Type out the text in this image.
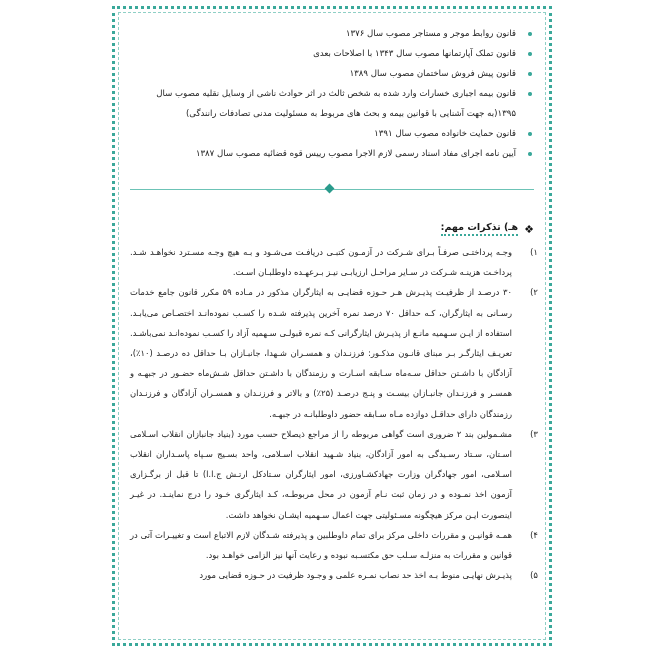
قانون روابط موجر و مستاجر مصوب سال ۱۳۷۶
قانون تملک آپارتمانها مصوب سال ۱۳۴۳ با اصلاحات بعدی
قانون پیش فروش ساختمان مصوب سال ۱۳۸۹
قانون بیمه اجباری خسارات وارد شده به شخص ثالث در اثر حوادث ناشی از وسایل نقلیه مصوب سال ۱۳۹۵(به جهت آشنایی با قوانین بیمه و بحث های مربوط به مسئولیت مدنی تصادفات رانندگی)
قانون حمایت خانواده مصوب سال ۱۳۹۱
آیین نامه اجرای مفاد اسناد رسمی لازم الاجرا مصوب رییس قوه قضائیه مصوب سال ۱۳۸۷
❖
هـ) تذکرات مهم:
۱)
وجـه پرداختـی صرفـاً بـرای شـرکت در آزمـون کتبـی دریافـت می‌شـود و بـه هیچ وجـه مسـترد نخواهـد شـد. پرداخـت هزینـه شـرکت در سـایر مراحـل ارزیابـی نیـز بـرعهـده داوطلبـان اسـت.
۲)
۳۰ درصـد از ظرفیـت پذیـرش هـر حـوزه قضایـی به ایثارگران مذکور در مـاده ۵۹ مکرر قانون جامع خدمات رسـانی به ایثارگران، کـه حداقل ۷۰ درصد نمره آخرین پذیرفته شـده را کسـب نموده‌انـد اختصـاص می‌یابـد. استفاده از ایـن سـهمیه مانـع از پذیـرش ایثارگرانی کـه نمره قبولـی سـهمیه آزاد را کسـب نموده‌انـد نمی‌باشـد. تعریـف ایثارگـر بـر مبنای قانـون مذکـور: فرزنـدان و همسـران شـهدا، جانبـازان بـا حداقل ده درصـد (۱۰٪)، آزادگان با داشـتن حداقل سـه‌ماه سـابقه اسـارت و رزمندگان با داشـتن حداقل شـش‌ماه حضـور در جبهـه و همسـر و فرزنـدان جانبـازان بیسـت و پنـج درصـد (۲۵٪) و بالاتر و فرزنـدان و همسـران آزادگان و فرزنـدان رزمندگان دارای حداقـل دوازده مـاه سـابقه حضور داوطلبانـه در جبهـه.
۳)
مشـمولین بند ۲ ضروری است گواهی مربوطه را از مراجع ذیصلاح حسب مورد (بنیاد جانبازان انقلاب اسـلامی اسـتان، سـتاد رسـیدگی به امور آزادگان، بنیاد شـهید انقلاب اسـلامی، واحد بسـیج سـپاه پاسـداران انقلاب اسـلامی، امور جهادگران وزارت جهادکشـاورزی، امور ایثارگران سـتادکل ارتـش ج.ا.ا) تا قبل از برگـزاری آزمون اخذ نمـوده و در زمان ثبت نـام آزمون در محل مربوطـه، کـد ایثارگری خـود را درج نماینـد. در غیـر اینصورت ایـن مرکز هیچگونه مسـئولیتی جهت اعمال سـهمیه ایشـان نخواهد داشت.
۴)
همـه قوانیـن و مقررات داخلی مرکز برای تمام داوطلبین و پذیرفته شـدگان لازم الاتباع است و تغییـرات آتی در قوانین و مقررات به منزلـه سـلب حق مکتسـبه نبوده و رعایت آنها نیز الزامی خواهـد بود.
۵)
پذیـرش نهایـی منوط بـه اخذ حد نصاب نمـره علمی و وجـود ظرفیت در حـوزه قضایی مورد
